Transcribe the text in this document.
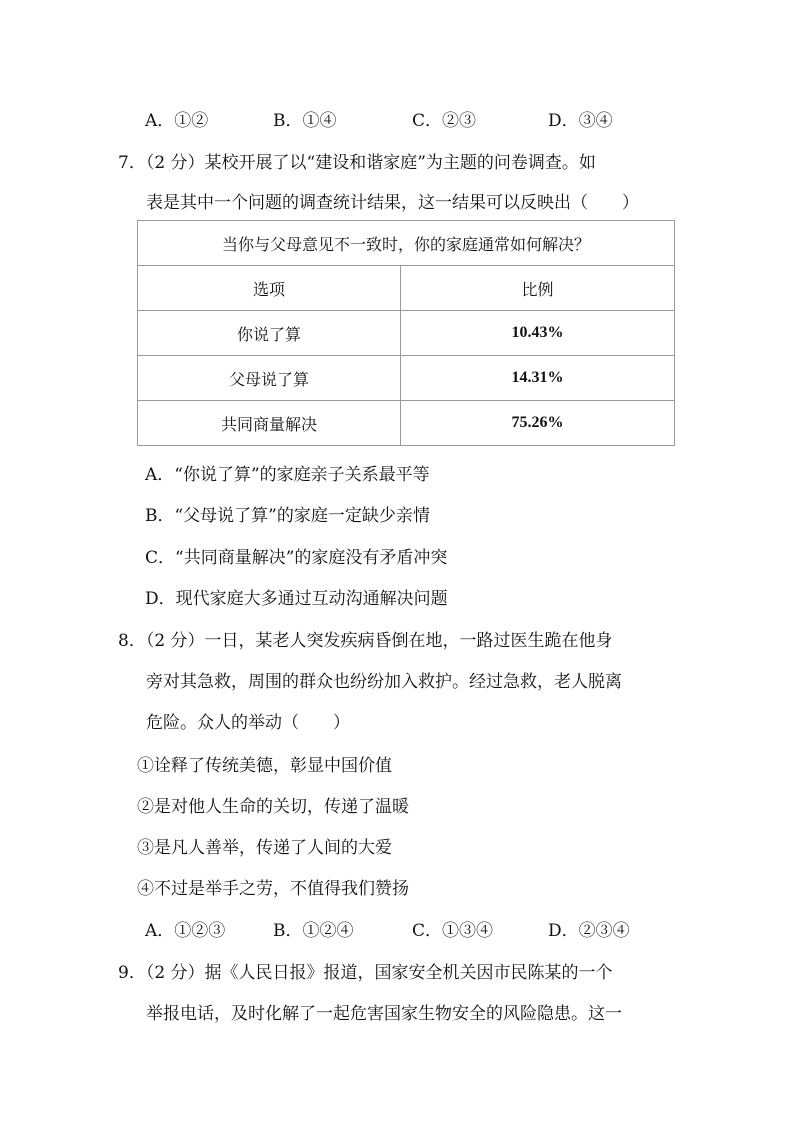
A．①②	B．①④	C．②③	D．③④
7．（2 分）某校开展了以“建设和谐家庭”为主题的问卷调查。如
表是其中一个问题的调查统计结果，这一结果可以反映出（　　）
当你与父母意见不一致时，你的家庭通常如何解决？	
选项	比例
你说了算	10.43%
父母说了算	14.31%
共同商量解决	75.26%
A．“你说了算”的家庭亲子关系最平等
B．“父母说了算”的家庭一定缺少亲情
C．“共同商量解决”的家庭没有矛盾冲突
D．现代家庭大多通过互动沟通解决问题
8．（2 分）一日，某老人突发疾病昏倒在地，一路过医生跪在他身
旁对其急救，周围的群众也纷纷加入救护。经过急救，老人脱离
危险。众人的举动（　　）
①诠释了传统美德，彰显中国价值
②是对他人生命的关切，传递了温暖
③是凡人善举，传递了人间的大爱
④不过是举手之劳，不值得我们赞扬
A．①②③	B．①②④	C．①③④	D．②③④
9．（2 分）据《人民日报》报道，国家安全机关因市民陈某的一个
举报电话，及时化解了一起危害国家生物安全的风险隐患。这一
